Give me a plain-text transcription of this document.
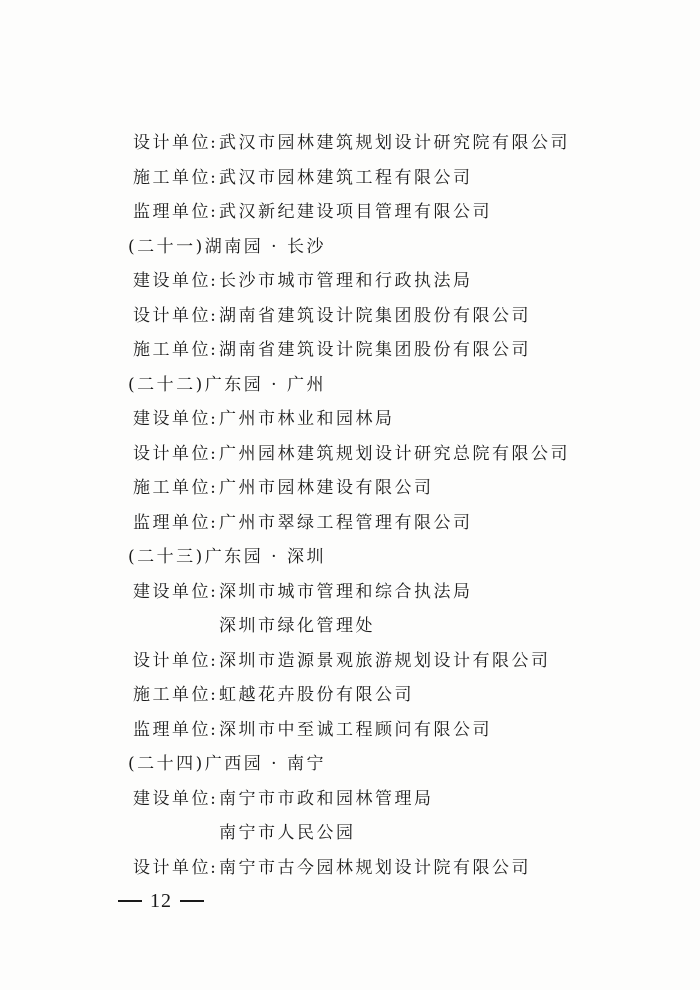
设计单位 : 武汉市园林建筑规划设计研究院有限公司
施工单位 : 武汉市园林建筑工程有限公司
监理单位 : 武汉新纪建设项目管理有限公司
(二十一)湖南园 · 长沙
建设单位 : 长沙市城市管理和行政执法局
设计单位 : 湖南省建筑设计院集团股份有限公司
施工单位 : 湖南省建筑设计院集团股份有限公司
(二十二)广东园 · 广州
建设单位 : 广州市林业和园林局
设计单位 : 广州园林建筑规划设计研究总院有限公司
施工单位 : 广州市园林建设有限公司
监理单位 : 广州市翠绿工程管理有限公司
(二十三)广东园 · 深圳
建设单位 : 深圳市城市管理和综合执法局
深圳市绿化管理处
设计单位 : 深圳市造源景观旅游规划设计有限公司
施工单位 : 虹越花卉股份有限公司
监理单位 : 深圳市中至诚工程顾问有限公司
(二十四)广西园 · 南宁
建设单位 : 南宁市市政和园林管理局
南宁市人民公园
设计单位 : 南宁市古今园林规划设计院有限公司
12
